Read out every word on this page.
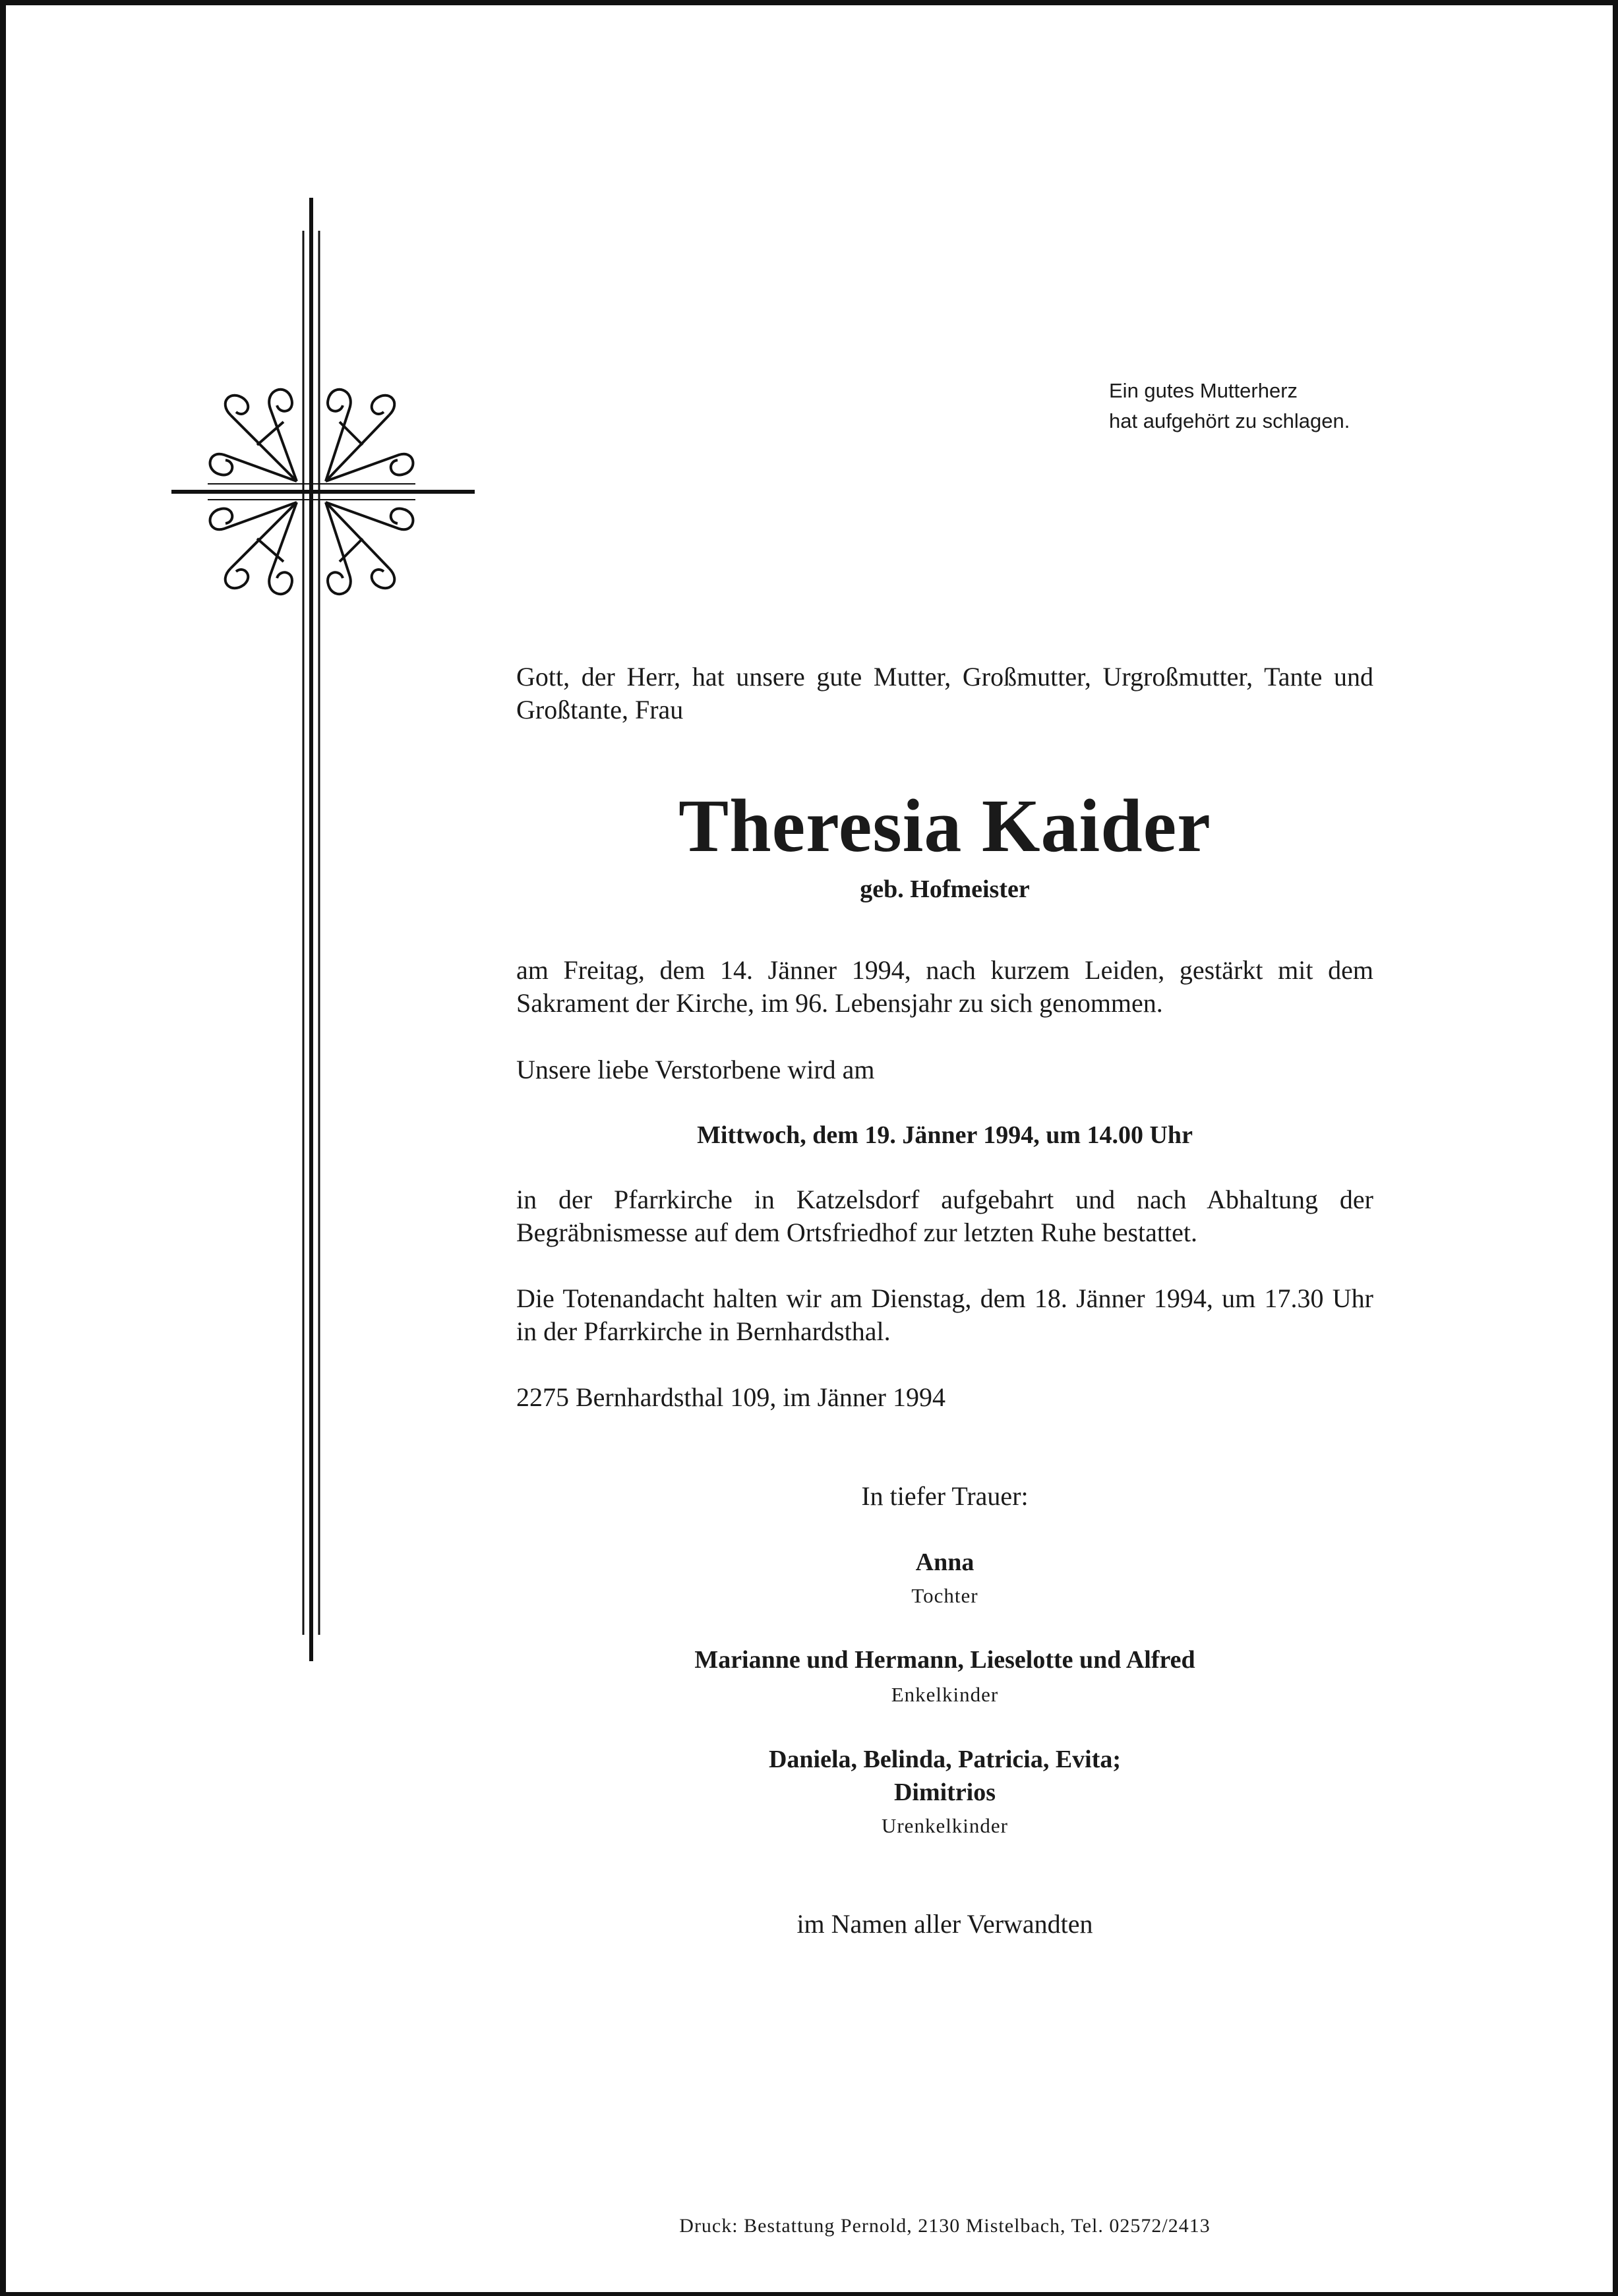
Ein gutes Mutterherz
hat aufgehört zu schlagen.
Gott, der Herr, hat unsere gute Mutter, Großmutter, Urgroßmutter, Tante und Großtante, Frau
Theresia Kaider
geb. Hofmeister
am Freitag, dem 14. Jänner 1994, nach kurzem Leiden, gestärkt mit dem Sakrament der Kirche, im 96. Lebensjahr zu sich genommen.
Unsere liebe Verstorbene wird am
Mittwoch, dem 19. Jänner 1994, um 14.00 Uhr
in der Pfarrkirche in Katzelsdorf aufgebahrt und nach Abhaltung der Begräbnismesse auf dem Ortsfriedhof zur letzten Ruhe bestattet.
Die Totenandacht halten wir am Dienstag, dem 18. Jänner 1994, um 17.30 Uhr in der Pfarrkirche in Bernhardsthal.
2275 Bernhardsthal 109, im Jänner 1994
In tiefer Trauer:
Anna
Tochter
Marianne und Hermann, Lieselotte und Alfred
Enkelkinder
Daniela, Belinda, Patricia, Evita;
Dimitrios
Urenkelkinder
im Namen aller Verwandten
Druck: Bestattung Pernold, 2130 Mistelbach, Tel. 02572/2413
